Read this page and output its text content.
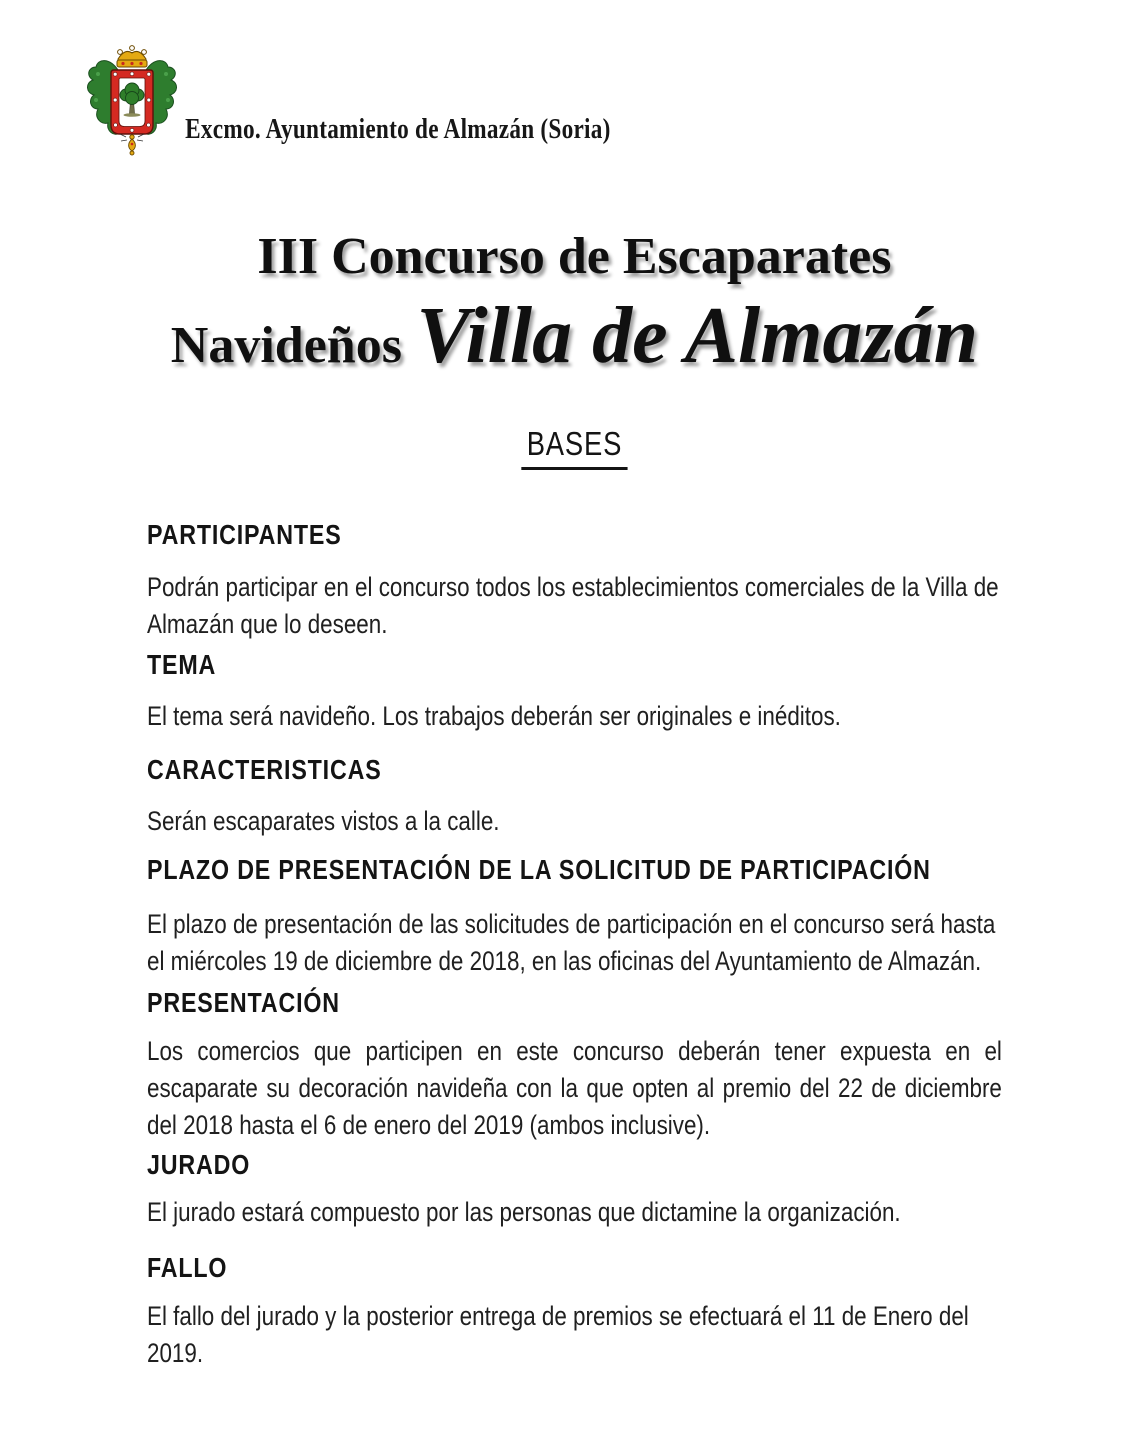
Excmo. Ayuntamiento de Almazán (Soria)
III Concurso de Escaparates
Navideños Villa de Almazán
BASES
PARTICIPANTES

Podrán participar en el concurso todos los establecimientos comerciales de la Villa de Almazán que lo deseen.

TEMA

El tema será navideño. Los trabajos deberán ser originales e inéditos.

CARACTERISTICAS

Serán escaparates vistos a la calle.

PLAZO DE PRESENTACIÓN DE LA SOLICITUD DE PARTICIPACIÓN

El plazo de presentación de las solicitudes de participación en el concurso será hasta el miércoles 19 de diciembre de 2018, en las oficinas del Ayuntamiento de Almazán.

PRESENTACIÓN

Los comercios que participen en este concurso deberán tener expuesta en el escaparate su decoración navideña con la que opten al premio del 22 de diciembre del 2018 hasta el 6 de enero del 2019 (ambos inclusive).

JURADO

El jurado estará compuesto por las personas que dictamine la organización.

FALLO

El fallo del jurado y la posterior entrega de premios se efectuará el 11 de Enero del 2019.
